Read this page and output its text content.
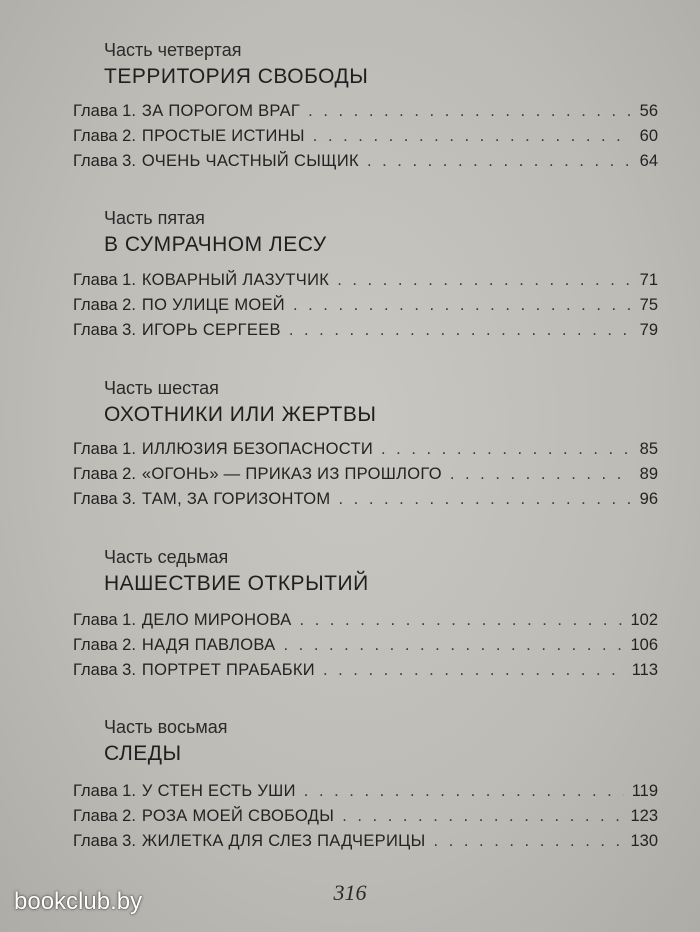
Часть четвертая
ТЕРРИТОРИЯ СВОБОДЫ
Глава 1. ЗА ПОРОГОМ ВРАГ . . .	56
Глава 2. ПРОСТЫЕ ИСТИНЫ . . .	60
Глава 3. ОЧЕНЬ ЧАСТНЫЙ СЫЩИК . . .	64
Часть пятая
В СУМРАЧНОМ ЛЕСУ
Глава 1. КОВАРНЫЙ ЛАЗУТЧИК . . .	71
Глава 2. ПО УЛИЦЕ МОЕЙ . . .	75
Глава 3. ИГОРЬ СЕРГЕЕВ . . .	79
Часть шестая
ОХОТНИКИ ИЛИ ЖЕРТВЫ
Глава 1. ИЛЛЮЗИЯ БЕЗОПАСНОСТИ . . .	85
Глава 2. «ОГОНЬ» — ПРИКАЗ ИЗ ПРОШЛОГО . . .	89
Глава 3. ТАМ, ЗА ГОРИЗОНТОМ . . .	96
Часть седьмая
НАШЕСТВИЕ ОТКРЫТИЙ
Глава 1. ДЕЛО МИРОНОВА . . .	102
Глава 2. НАДЯ ПАВЛОВА . . .	106
Глава 3. ПОРТРЕТ ПРАБАБКИ . . .	113
Часть восьмая
СЛЕДЫ
Глава 1. У СТЕН ЕСТЬ УШИ . . .	119
Глава 2. РОЗА МОЕЙ СВОБОДЫ . . .	123
Глава 3. ЖИЛЕТКА ДЛЯ СЛЕЗ ПАДЧЕРИЦЫ . . .	130
316
bookclub.by
